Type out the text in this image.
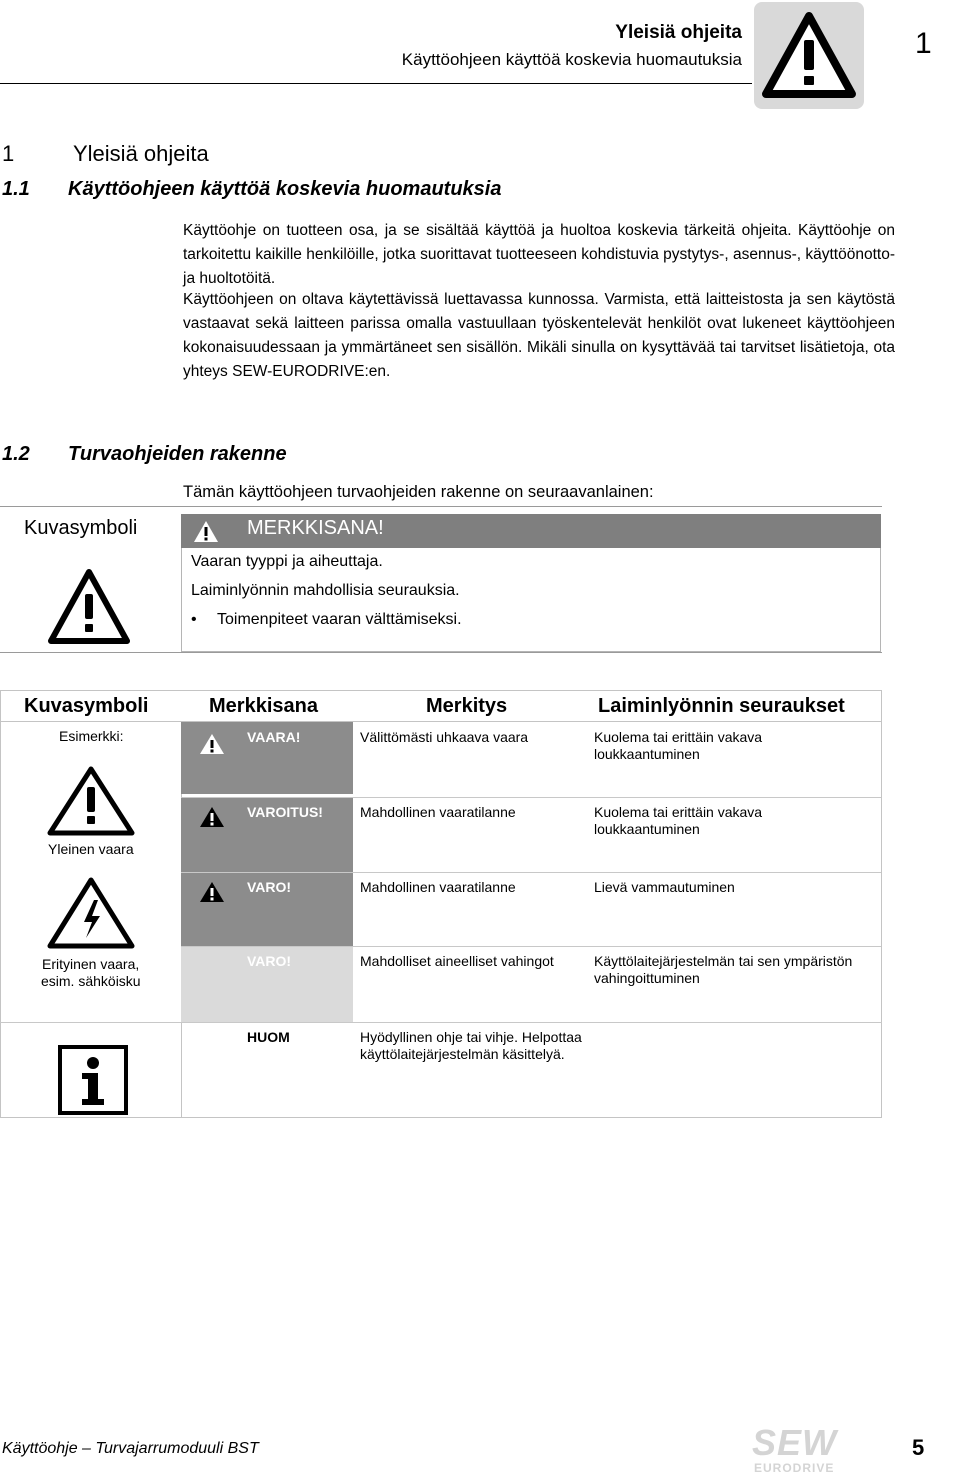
Yleisiä ohjeita
Käyttöohjeen käyttöä koskevia huomautuksia	1
1	Yleisiä ohjeita
1.1 Käyttöohjeen käyttöä koskevia huomautuksia
Käyttöohje on tuotteen osa, ja se sisältää käyttöä ja huoltoa koskevia tärkeitä ohjeita. Käyttöohje on tarkoitettu kaikille henkilöille, jotka suorittavat tuotteeseen kohdistuvia pystytys-, asennus-, käyttöönotto- ja huoltotöitä.
Käyttöohjeen on oltava käytettävissä luettavassa kunnossa. Varmista, että laitteistosta ja sen käytöstä vastaavat sekä laitteen parissa omalla vastuullaan työskentelevät henkilöt ovat lukeneet käyttöohjeen kokonaisuudessaan ja ymmärtäneet sen sisällön. Mikäli sinulla on kysyttävää tai tarvitset lisätietoja, ota yhteys SEW-EURODRIVE:en.
1.2 Turvaohjeiden rakenne
Tämän käyttöohjeen turvaohjeiden rakenne on seuraavanlainen:
Kuvasymboli	MERKKISANA!
Vaaran tyyppi ja aiheuttaja.
Laiminlyönnin mahdollisia seurauksia.
• Toimenpiteet vaaran välttämiseksi.
Kuvasymboli	Merkkisana	Merkitys	Laiminlyönnin seuraukset
Esimerkki:
Yleinen vaara
Erityinen vaara,
esim. sähköisku
VAARA!	Välittömästi uhkaava vaara	Kuolema tai erittäin vakava loukkaantuminen
VAROITUS!	Mahdollinen vaaratilanne	Kuolema tai erittäin vakava loukkaantuminen
VARO!	Mahdollinen vaaratilanne	Lievä vammautuminen
VARO!	Mahdolliset aineelliset vahingot	Käyttölaitejärjestelmän tai sen ympäristön vahingoittuminen
HUOM	Hyödyllinen ohje tai vihje. Helpottaa käyttölaitejärjestelmän käsittelyä.
Käyttöohje – Turvajarrumoduuli BST	SEW
EURODRIVE
5
